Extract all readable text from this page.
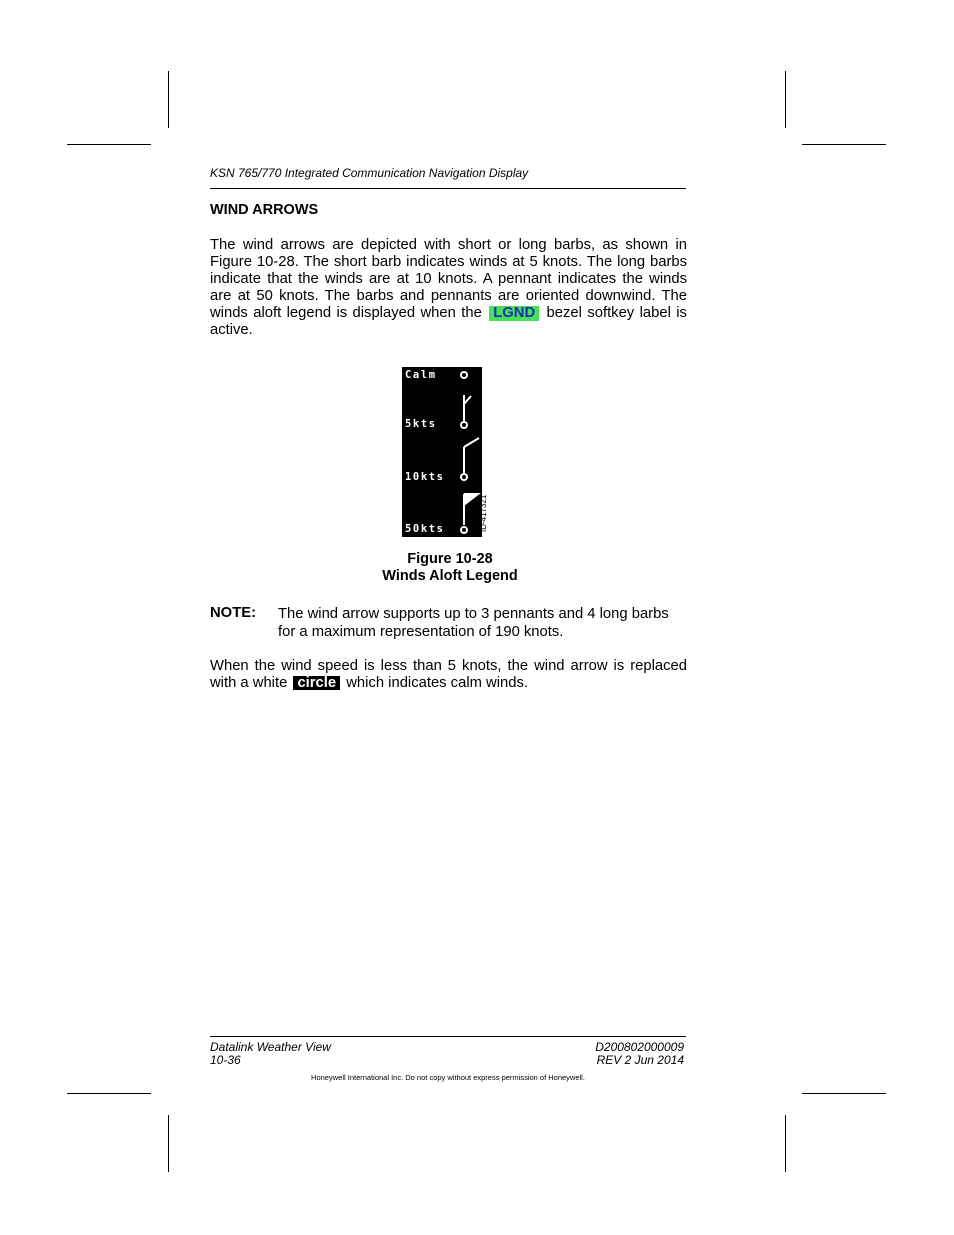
KSN 765/770 Integrated Communication Navigation Display
WIND ARROWS
The wind arrows are depicted with short or long barbs, as shown in Figure 10‑28. The short barb indicates winds at 5 knots. The long barbs indicate that the winds are at 10 knots. A pennant indicates the winds are at 50 knots. The barbs and pennants are oriented downwind. The winds aloft legend is displayed when the LGND bezel softkey label is active.
Calm
5kts
10kts
50kts	ID-417321
Figure 10‑28
Winds Aloft Legend
NOTE: The wind arrow supports up to 3 pennants and 4 long barbs for a maximum representation of 190 knots.
When the wind speed is less than 5 knots, the wind arrow is replaced with a white circle which indicates calm winds.
Datalink Weather View
10-36
D200802000009
REV 2 Jun 2014
Honeywell International Inc. Do not copy without express permission of Honeywell.
